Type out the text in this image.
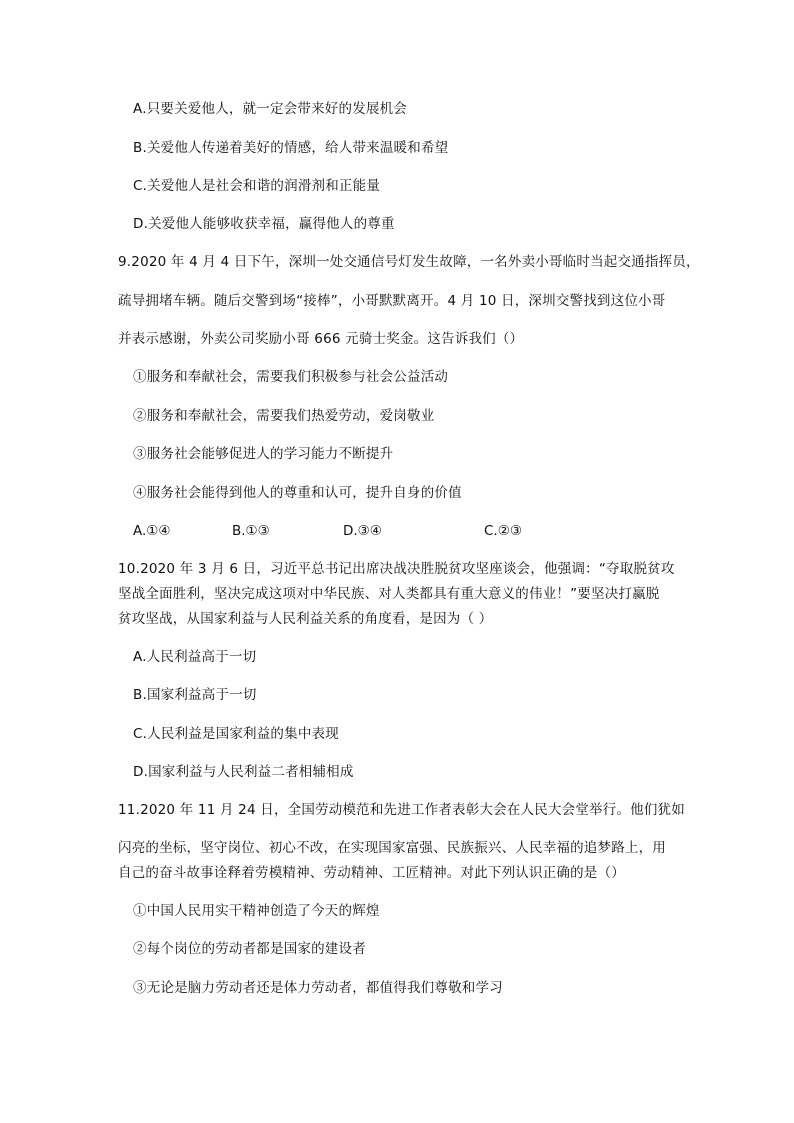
A.只要关爱他人，就一定会带来好的发展机会
B.关爱他人传递着美好的情感，给人带来温暖和希望
C.关爱他人是社会和谐的润滑剂和正能量
D.关爱他人能够收获幸福，赢得他人的尊重
9.2020 年 4 月 4 日下午，深圳一处交通信号灯发生故障，一名外卖小哥临时当起交通指挥员，
疏导拥堵车辆。随后交警到场“接棒”，小哥默默离开。4 月 10 日，深圳交警找到这位小哥
并表示感谢，外卖公司奖励小哥 666 元骑士奖金。这告诉我们（）
①服务和奉献社会，需要我们积极参与社会公益活动
②服务和奉献社会，需要我们热爱劳动，爱岗敬业
③服务社会能够促进人的学习能力不断提升
④服务社会能得到他人的尊重和认可，提升自身的价值
A.①④	B.①③	D.③④	C.②③
10.2020 年 3 月 6 日，习近平总书记出席决战决胜脱贫攻坚座谈会，他强调：“夺取脱贫攻
坚战全面胜利，坚决完成这项对中华民族、对人类都具有重大意义的伟业！”要坚决打赢脱
贫攻坚战，从国家利益与人民利益关系的角度看，是因为（ ）
A.人民利益高于一切
B.国家利益高于一切
C.人民利益是国家利益的集中表现
D.国家利益与人民利益二者相辅相成
11.2020 年 11 月 24 日，全国劳动模范和先进工作者表彰大会在人民大会堂举行。他们犹如
闪亮的坐标，坚守岗位、初心不改，在实现国家富强、民族振兴、人民幸福的追梦路上，用
自己的奋斗故事诠释着劳模精神、劳动精神、工匠精神。对此下列认识正确的是（）
①中国人民用实干精神创造了今天的辉煌
②每个岗位的劳动者都是国家的建设者
③无论是脑力劳动者还是体力劳动者，都值得我们尊敬和学习
